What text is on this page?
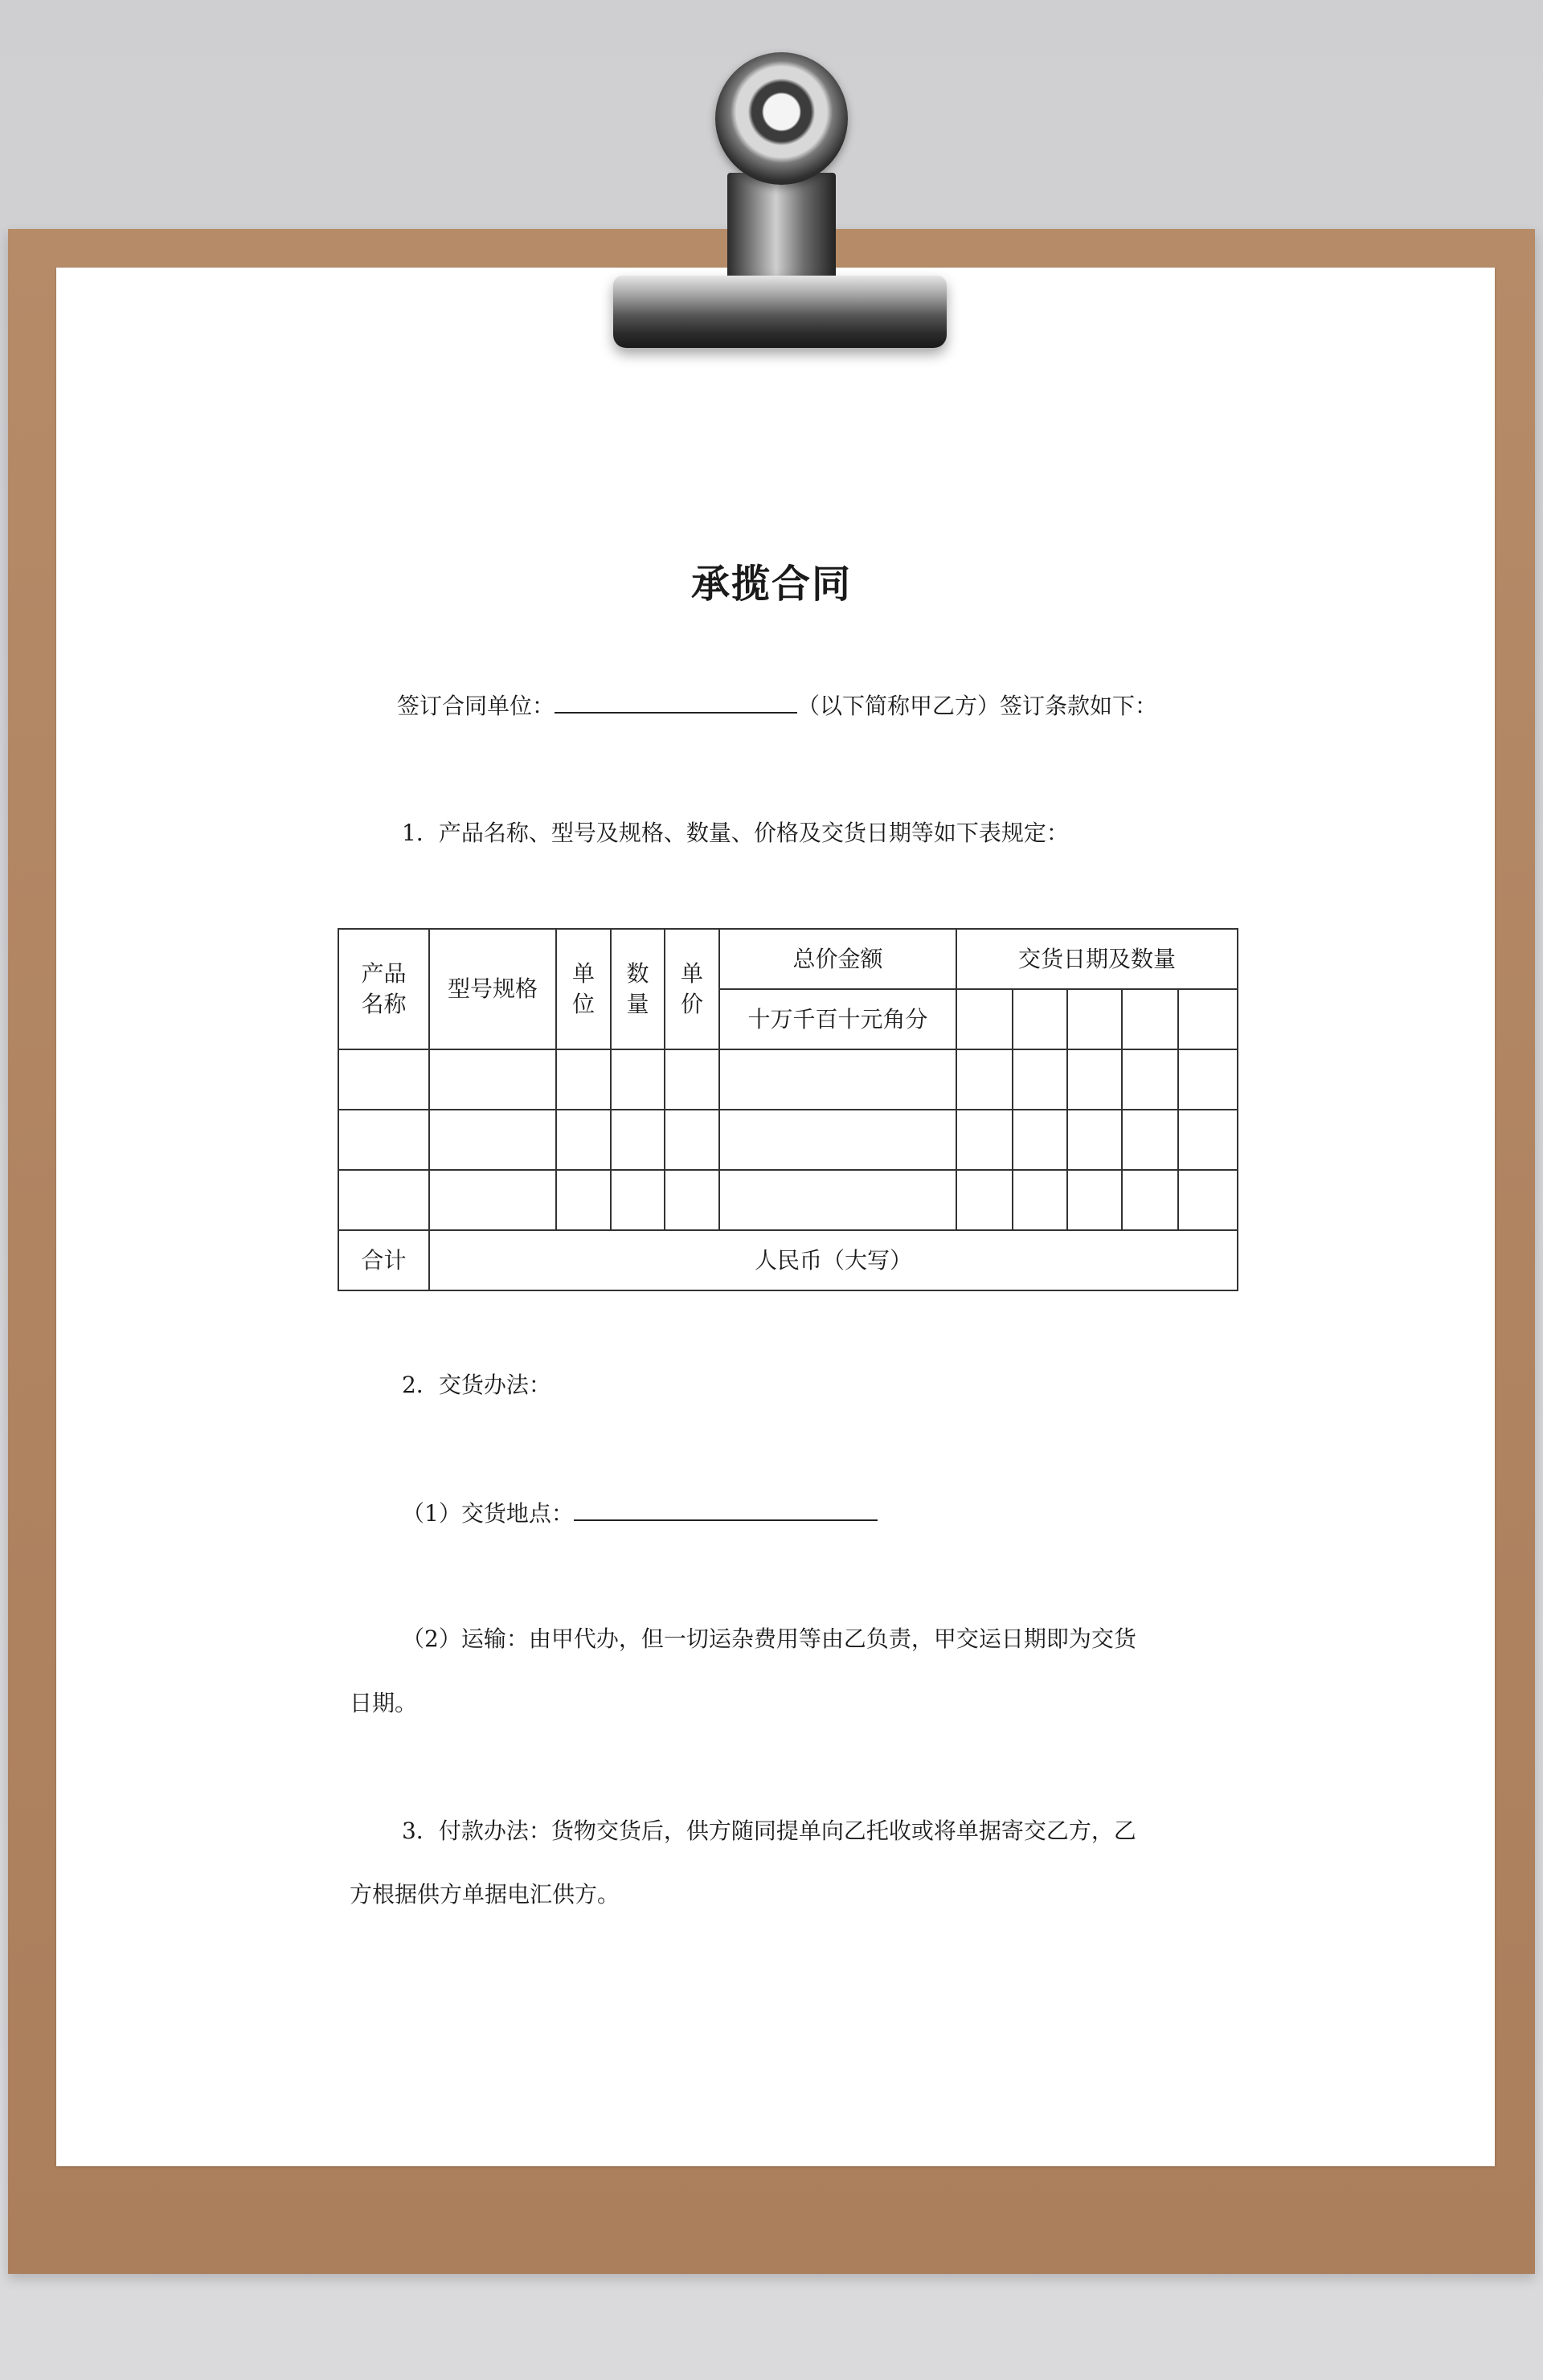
承揽合同
签订合同单位：	（以下简称甲乙方）签订条款如下：
1．产品名称、型号及规格、数量、价格及交货日期等如下表规定：
产品名称	型号规格	单位	数量	单价	总价金额	交货日期及数量				
					十万千百十元角分					

合计	人民币（大写）									
2．交货办法：
（1）交货地点：
（2）运输：由甲代办，但一切运杂费用等由乙负责，甲交运日期即为交货
日期。
3．付款办法：货物交货后，供方随同提单向乙托收或将单据寄交乙方，乙
方根据供方单据电汇供方。
